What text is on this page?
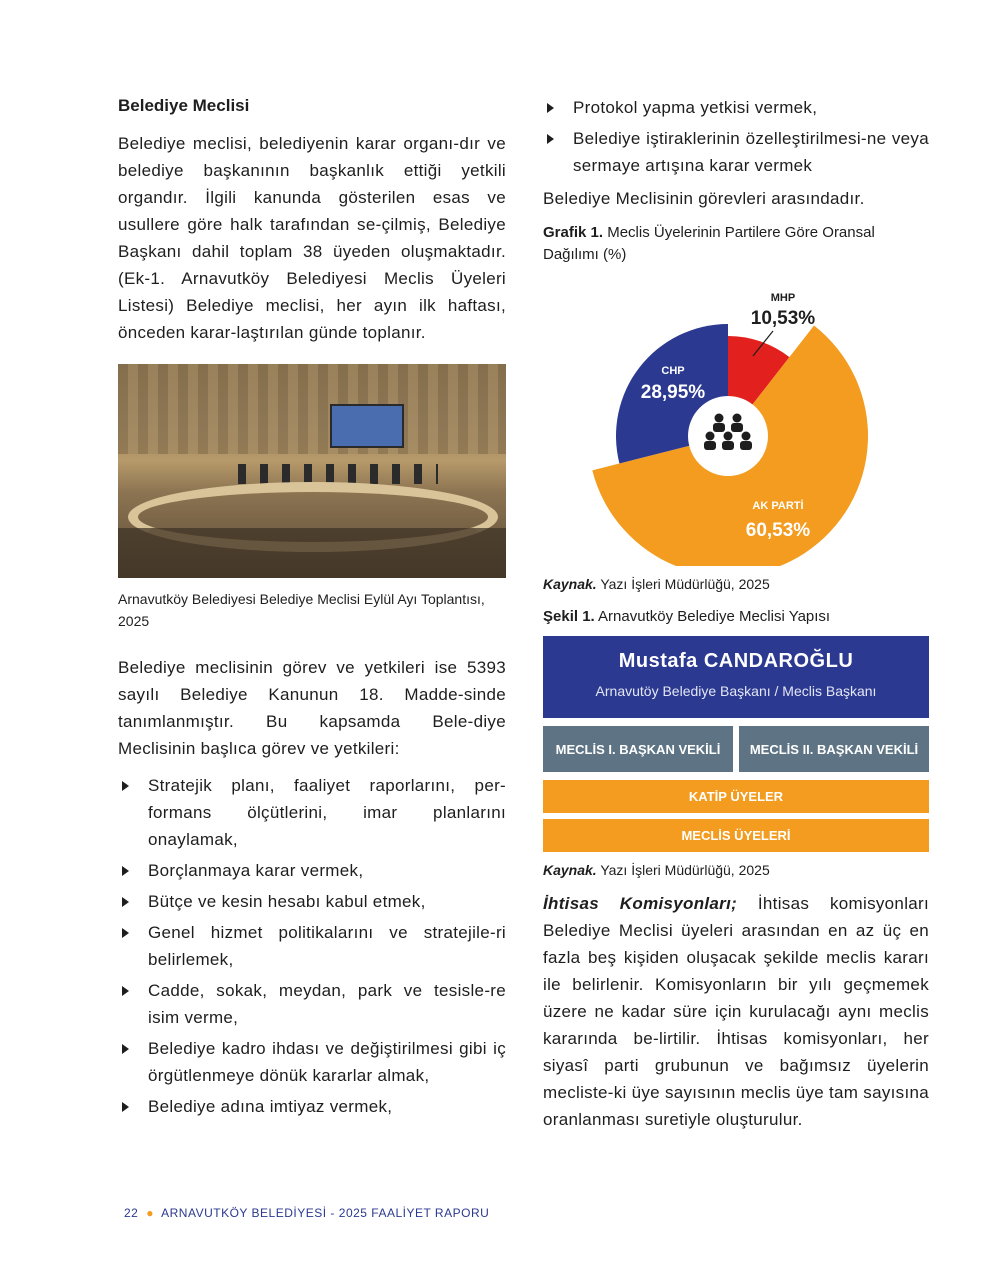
Belediye Meclisi

Belediye meclisi, belediyenin karar organı-dır ve belediye başkanının başkanlık ettiği yetkili organdır. İlgili kanunda gösterilen esas ve usullere göre halk tarafından se-çilmiş, Belediye Başkanı dahil toplam 38 üyeden oluşmaktadır. (Ek-1. Arnavutköy Belediyesi Meclis Üyeleri Listesi) Belediye meclisi, her ayın ilk haftası, önceden karar-laştırılan günde toplanır.

Arnavutköy Belediyesi Belediye Meclisi Eylül Ayı Toplantısı, 2025

Belediye meclisinin görev ve yetkileri ise 5393 sayılı Belediye Kanunun 18. Madde-sinde tanımlanmıştır. Bu kapsamda Bele-diye Meclisinin başlıca görev ve yetkileri:

Stratejik planı, faaliyet raporlarını, per-formans ölçütlerini, imar planlarını onaylamak,
Borçlanmaya karar vermek,
Bütçe ve kesin hesabı kabul etmek,
Genel hizmet politikalarını ve stratejile-ri belirlemek,
Cadde, sokak, meydan, park ve tesisle-re isim verme,
Belediye kadro ihdası ve değiştirilmesi gibi iç örgütlenmeye dönük kararlar almak,
Belediye adına imtiyaz vermek,
Protokol yapma yetkisi vermek,
Belediye iştiraklerinin özelleştirilmesi-ne veya sermaye artışına karar vermek

Belediye Meclisinin görevleri arasındadır.

Grafik 1. Meclis Üyelerinin Partilere Göre Oransal Dağılımı (%)

MHP
10,53%
AK PARTİ
60,53%
CHP
28,95%

Kaynak. Yazı İşleri Müdürlüğü, 2025

Şekil 1. Arnavutköy Belediye Meclisi Yapısı

Mustafa CANDAROĞLU
Arnavutöy Belediye Başkanı / Meclis Başkanı
MECLİS I. BAŞKAN VEKİLİ	MECLİS II. BAŞKAN VEKİLİ
KATİP ÜYELER
MECLİS ÜYELERİ

Kaynak. Yazı İşleri Müdürlüğü, 2025

İhtisas Komisyonları; İhtisas komisyonları Belediye Meclisi üyeleri arasından en az üç en fazla beş kişiden oluşacak şekilde meclis kararı ile belirlenir. Komisyonların bir yılı geçmemek üzere ne kadar süre için kurulacağı aynı meclis kararında be-lirtilir. İhtisas komisyonları, her siyasî parti grubunun ve bağımsız üyelerin mecliste-ki üye sayısının meclis üye tam sayısına oranlanması suretiyle oluşturulur.

22 ● ARNAVUTKÖY BELEDİYESİ - 2025 FAALİYET RAPORU
